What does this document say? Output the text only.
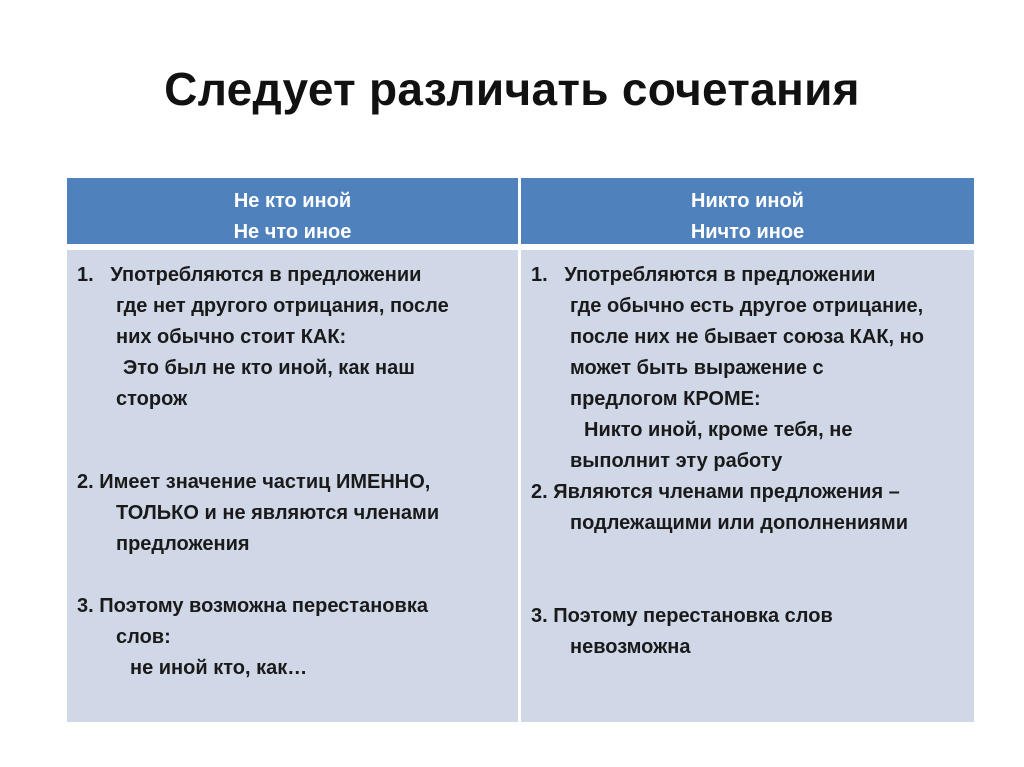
Следует различать сочетания
Не кто иной
Не что иное
1. Употребляются в предложении
где нет другого отрицания, после
них обычно стоит КАК:
Это был не кто иной, как наш
сторож
2. Имеет значение частиц ИМЕННО,
ТОЛЬКО и не являются членами
предложения
3. Поэтому возможна перестановка
слов:
не иной кто, как…
Никто иной
Ничто иное
1. Употребляются в предложении
где обычно есть другое отрицание,
после них не бывает союза КАК, но
может быть выражение с
предлогом КРОМЕ:
Никто иной, кроме тебя, не
выполнит эту работу
2. Являются членами предложения –
подлежащими или дополнениями
3. Поэтому перестановка слов
невозможна
